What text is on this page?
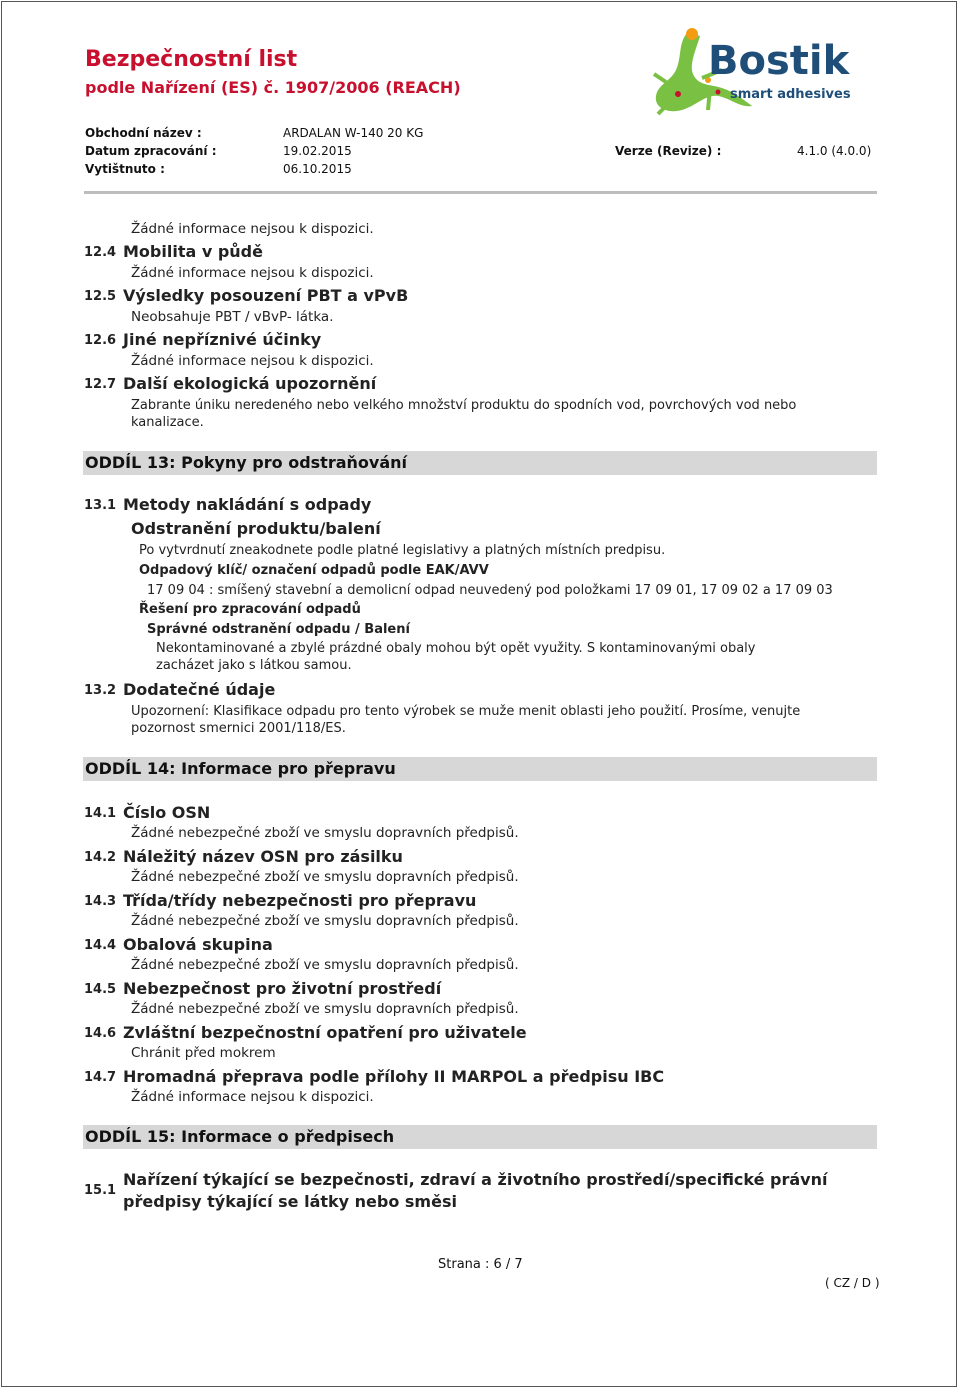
Bezpečnostní list
podle Nařízení (ES) č. 1907/2006 (REACH)
Bostik
smart adhesives
Obchodní název :	ARDALAN W-140 20 KG
Datum zpracování :	19.02.2015	Verze (Revize) :	4.1.0 (4.0.0)
Vytištnuto :	06.10.2015
Žádné informace nejsou k dispozici.
12.4 Mobilita v půdě
Žádné informace nejsou k dispozici.
12.5 Výsledky posouzení PBT a vPvB
Neobsahuje PBT / vBvP- látka.
12.6 Jiné nepříznivé účinky
Žádné informace nejsou k dispozici.
12.7 Další ekologická upozornění
Zabrante úniku neredeného nebo velkého množství produktu do spodních vod, povrchových vod nebo
kanalizace.
ODDÍL 13: Pokyny pro odstraňování
13.1 Metody nakládání s odpady
Odstranění produktu/balení
Po vytvrdnutí zneakodnete podle platné legislativy a platných místních predpisu.
Odpadový klíč/ označení odpadů podle EAK/AVV
17 09 04 : smíšený stavební a demolicní odpad neuvedený pod položkami 17 09 01, 17 09 02 a 17 09 03
Řešení pro zpracování odpadů
Správné odstranění odpadu / Balení
Nekontaminované a zbylé prázdné obaly mohou být opět využity. S kontaminovanými obaly
zacházet jako s látkou samou.
13.2 Dodatečné údaje
Upozornení: Klasifikace odpadu pro tento výrobek se muže menit oblasti jeho použití. Prosíme, venujte
pozornost smernici 2001/118/ES.
ODDÍL 14: Informace pro přepravu
14.1 Číslo OSN
Žádné nebezpečné zboží ve smyslu dopravních předpisů.
14.2 Náležitý název OSN pro zásilku
Žádné nebezpečné zboží ve smyslu dopravních předpisů.
14.3 Třída/třídy nebezpečnosti pro přepravu
Žádné nebezpečné zboží ve smyslu dopravních předpisů.
14.4 Obalová skupina
Žádné nebezpečné zboží ve smyslu dopravních předpisů.
14.5 Nebezpečnost pro životní prostředí
Žádné nebezpečné zboží ve smyslu dopravních předpisů.
14.6 Zvláštní bezpečnostní opatření pro uživatele
Chránit před mokrem
14.7 Hromadná přeprava podle přílohy II MARPOL a předpisu IBC
Žádné informace nejsou k dispozici.
ODDÍL 15: Informace o předpisech
15.1
Nařízení týkající se bezpečnosti, zdraví a životního prostředí/specifické právní
předpisy týkající se látky nebo směsi
Strana : 6 / 7
( CZ / D )
